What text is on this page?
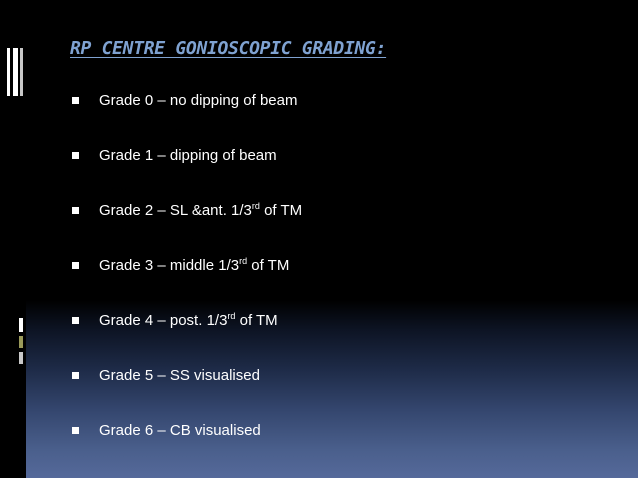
RP CENTRE GONIOSCOPIC GRADING:
Grade 0 – no dipping of beam
Grade 1 – dipping of beam
Grade 2 – SL &ant. 1/3rd of TM
Grade 3 – middle 1/3rd of TM
Grade 4 – post. 1/3rd of TM
Grade 5 – SS visualised
Grade 6 – CB visualised
